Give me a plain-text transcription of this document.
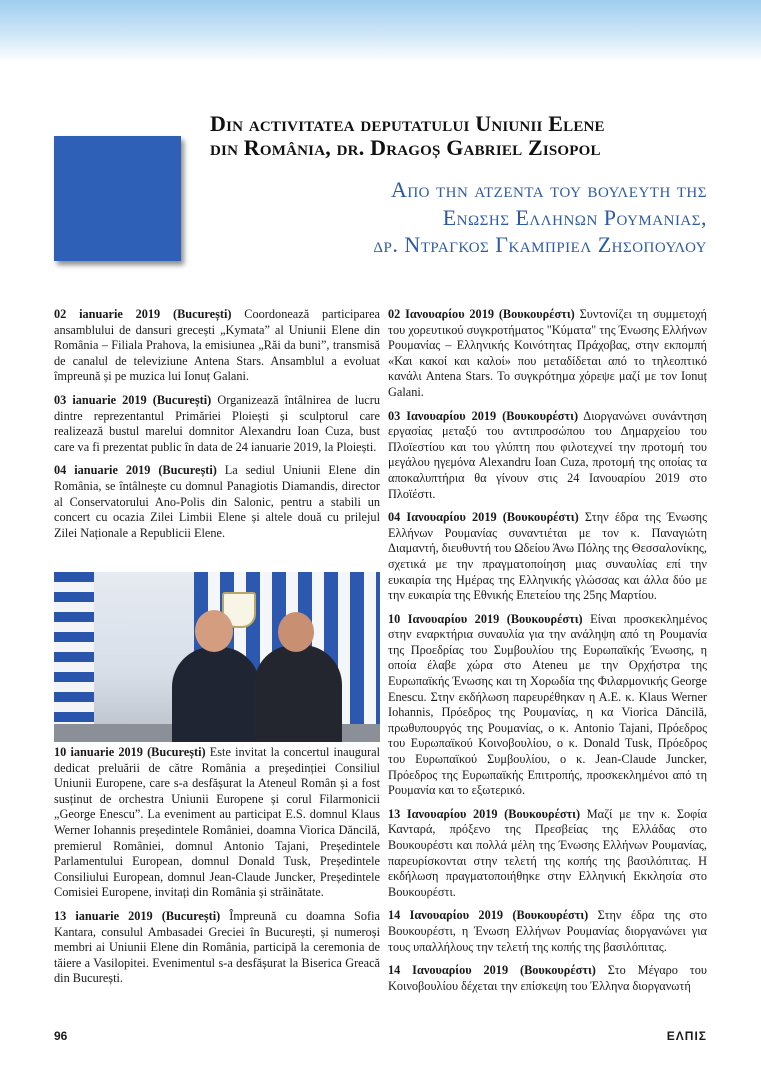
Din activitatea deputatului Uniunii Elene
din România, dr. Dragoș Gabriel Zisopol
Απο την ατζεντα του βουλευτη της
Ενωσης Ελληνων Ρουμανιας,
δρ. Ντραγκος Γκαμπριελ Ζησοπουλου

02 ianuarie 2019 (București) Coordonează participarea ansamblului de dansuri grecești „Kymata” al Uniunii Elene din România – Filiala Prahova, la emisiunea „Răi da buni”, transmisă de canalul de televiziune Antena Stars. Ansamblul a evoluat împreună și pe muzica lui Ionuț Galani.

03 ianuarie 2019 (București) Organizează întâlnirea de lucru dintre reprezentantul Primăriei Ploiești și sculptorul care realizează bustul marelui domnitor Alexandru Ioan Cuza, bust care va fi prezentat public în data de 24 ianuarie 2019, la Ploiești.

04 ianuarie 2019 (București) La sediul Uniunii Elene din România, se întâlnește cu domnul Panagiotis Diamandis, director al Conservatorului Ano-Polis din Salonic, pentru a stabili un concert cu ocazia Zilei Limbii Elene și altele două cu prilejul Zilei Naționale a Republicii Elene.

10 ianuarie 2019 (București) Este invitat la concertul inaugural dedicat preluării de către România a președinției Consiliul Uniunii Europene, care s-a desfășurat la Ateneul Român și a fost susținut de orchestra Uniunii Europene și corul Filarmonicii „George Enescu”. La eveniment au participat E.S. domnul Klaus Werner Iohannis președintele României, doamna Viorica Dăncilă, premierul României, domnul Antonio Tajani, Președintele Parlamentului European, domnul Donald Tusk, Președintele Consiliului European, domnul Jean-Claude Juncker, Președintele Comisiei Europene, invitați din România și străinătate.

13 ianuarie 2019 (București) Împreună cu doamna Sofia Kantara, consulul Ambasadei Greciei în București, și numeroși membri ai Uniunii Elene din România, participă la ceremonia de tăiere a Vasilopitei. Evenimentul s-a desfășurat la Biserica Greacă din București.

02 Ιανουαρίου 2019 (Βουκουρέστι) Συντονίζει τη συμμετοχή του χορευτικού συγκροτήματος "Κύματα" της Ένωσης Ελλήνων Ρουμανίας – Ελληνικής Κοινότητας Πράχοβας, στην εκπομπή «Και κακοί και καλοί» που μεταδίδεται από το τηλεοπτικό κανάλι Antena Stars. Το συγκρότημα χόρεψε μαζί με τον Ionuț Galani.

03 Ιανουαρίου 2019 (Βουκουρέστι) Διοργανώνει συνάντηση εργασίας μεταξύ του αντιπροσώπου του Δημαρχείου του Πλοϊεστίου και του γλύπτη που φιλοτεχνεί την προτομή του μεγάλου ηγεμόνα Alexandru Ioan Cuza, προτομή της οποίας τα αποκαλυπτήρια θα γίνουν στις 24 Ιανουαρίου 2019 στο Πλοϊέστι.

04 Ιανουαρίου 2019 (Βουκουρέστι) Στην έδρα της Ένωσης Ελλήνων Ρουμανίας συναντιέται με τον κ. Παναγιώτη Διαμαντή, διευθυντή του Ωδείου Άνω Πόλης της Θεσσαλονίκης, σχετικά με την πραγματοποίηση μιας συναυλίας επί την ευκαιρία της Ημέρας της Ελληνικής γλώσσας και άλλα δύο με την ευκαιρία της Εθνικής Επετείου της 25ης Μαρτίου.

10 Ιανουαρίου 2019 (Βουκουρέστι) Είναι προσκεκλημένος στην εναρκτήρια συναυλία για την ανάληψη από τη Ρουμανία της Προεδρίας του Συμβουλίου της Ευρωπαϊκής Ένωσης, η οποία έλαβε χώρα στο Ateneu με την Ορχήστρα της Ευρωπαϊκής Ένωσης και τη Χορωδία της Φιλαρμονικής George Enescu. Στην εκδήλωση παρευρέθηκαν η Α.Ε. κ. Klaus Werner Iohannis, Πρόεδρος της Ρουμανίας, η κα Viorica Dăncilă, πρωθυπουργός της Ρουμανίας, ο κ. Antonio Tajani, Πρόεδρος του Ευρωπαϊκού Κοινοβουλίου, ο κ. Donald Tusk, Πρόεδρος του Ευρωπαϊκού Συμβουλίου, ο κ. Jean-Claude Juncker, Πρόεδρος της Ευρωπαϊκής Επιτροπής, προσκεκλημένοι από τη Ρουμανία και το εξωτερικό.

13 Ιανουαρίου 2019 (Βουκουρέστι) Μαζί με την κ. Σοφία Κανταρά, πρόξενο της Πρεσβείας της Ελλάδας στο Βουκουρέστι και πολλά μέλη της Ένωσης Ελλήνων Ρουμανίας, παρευρίσκονται στην τελετή της κοπής της βασιλόπιτας. Η εκδήλωση πραγματοποιήθηκε στην Ελληνική Εκκλησία στο Βουκουρέστι.

14 Ιανουαρίου 2019 (Βουκουρέστι) Στην έδρα της στο Βουκουρέστι, η Ένωση Ελλήνων Ρουμανίας διοργανώνει για τους υπαλλήλους την τελετή της κοπής της βασιλόπιτας.

14 Ιανουαρίου 2019 (Βουκουρέστι) Στο Μέγαρο του Κοινοβουλίου δέχεται την επίσκεψη του Έλληνα διοργανωτή

96	ΕΛΠΙΣ
